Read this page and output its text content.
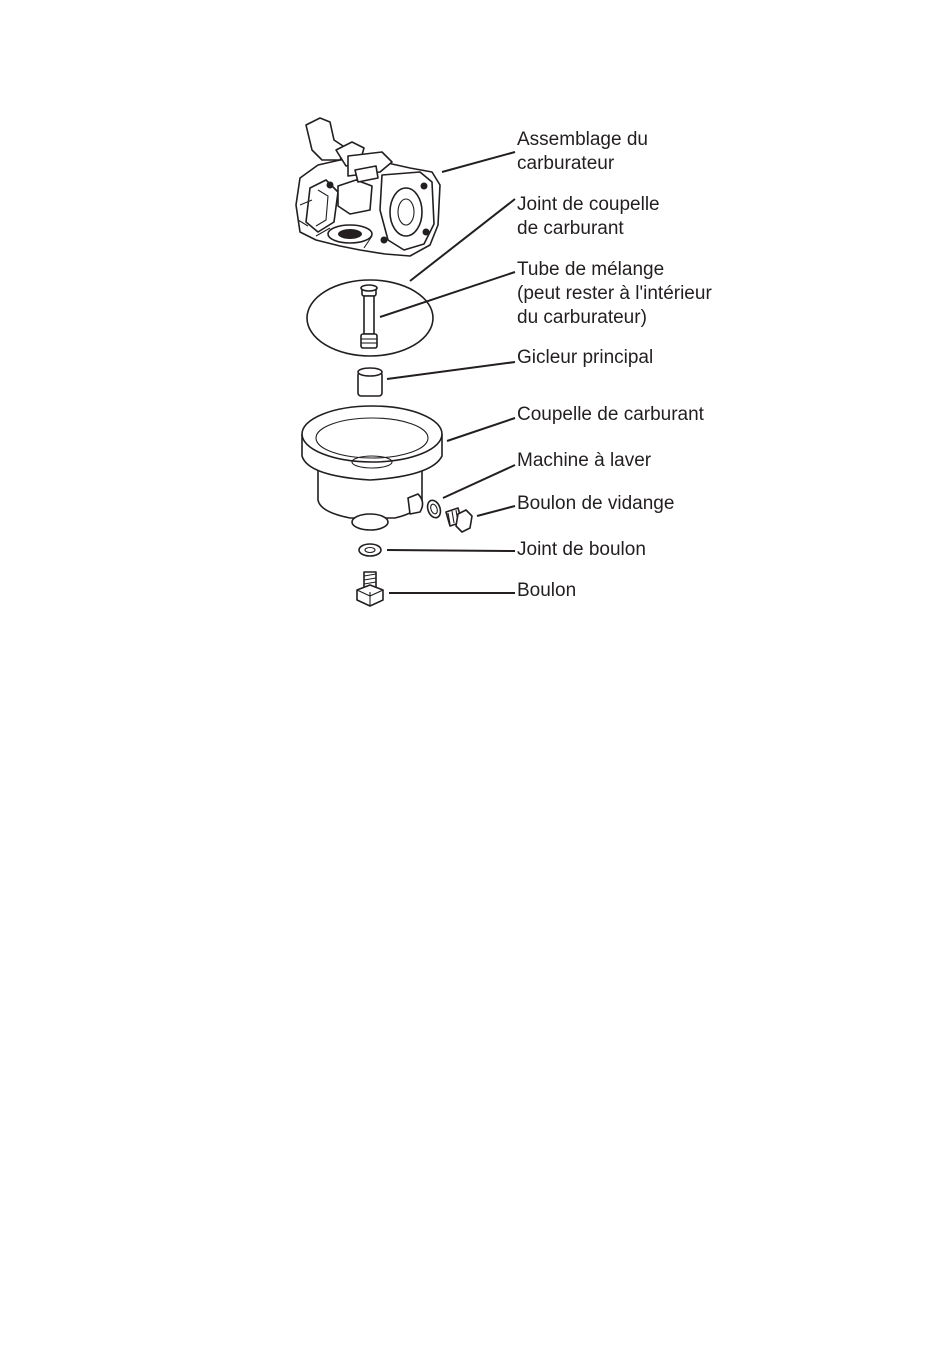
Assemblage du
carburateur

Joint de coupelle
de carburant

Tube de mélange
(peut rester à l'intérieur
du carburateur)

Gicleur principal

Coupelle de carburant

Machine à laver

Boulon de vidange

Joint de boulon

Boulon
